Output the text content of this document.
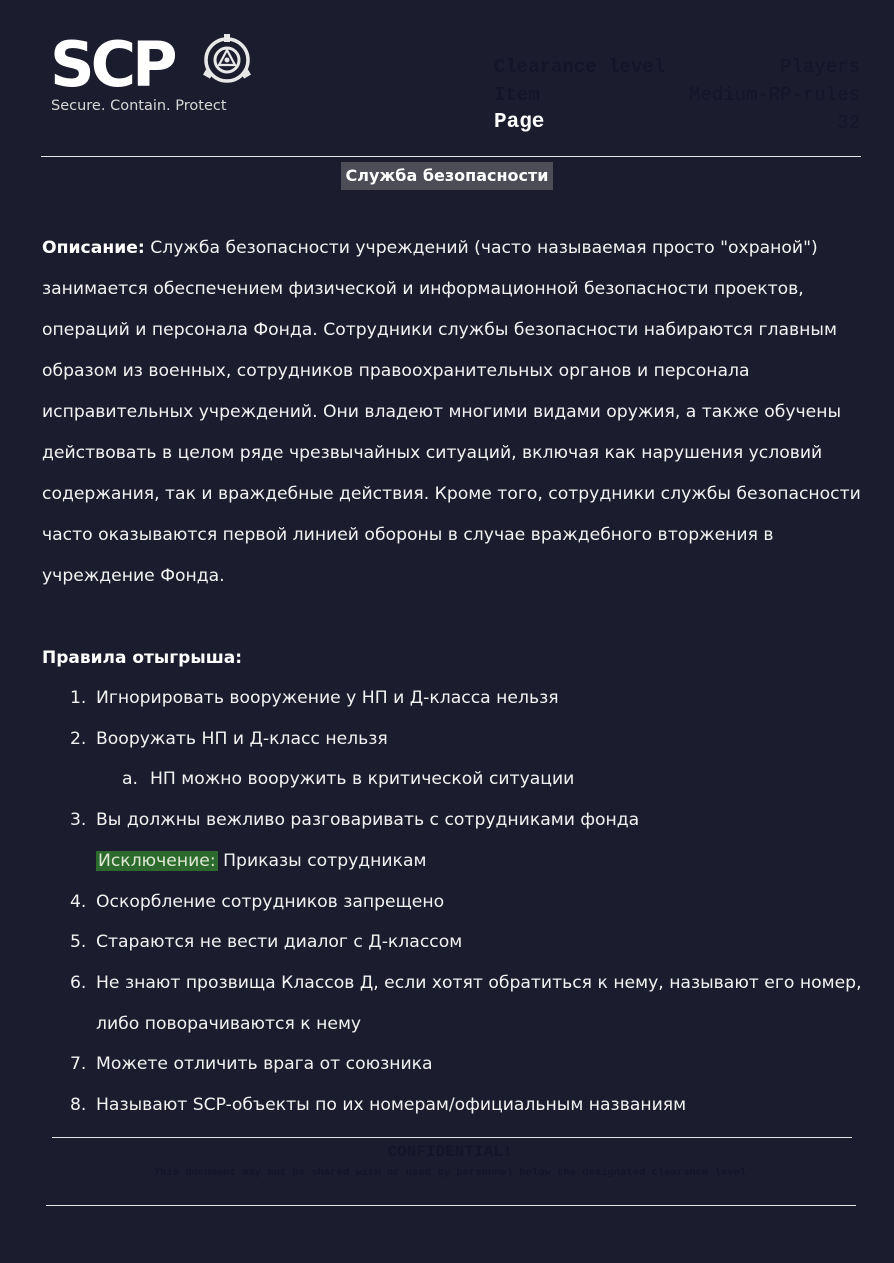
SCP
Secure. Contain. Protect
Clearance level	Players
Item	Medium-RP-rules
Page	32
Служба безопасности

Описание: Служба безопасности учреждений (часто называемая просто "охраной") занимается обеспечением физической и информационной безопасности проектов, операций и персонала Фонда. Сотрудники службы безопасности набираются главным образом из военных, сотрудников правоохранительных органов и персонала исправительных учреждений. Они владеют многими видами оружия, а также обучены действовать в целом ряде чрезвычайных ситуаций, включая как нарушения условий содержания, так и враждебные действия. Кроме того, сотрудники службы безопасности часто оказываются первой линией обороны в случае враждебного вторжения в учреждение Фонда.

Правила отыгрыша:
1. Игнорировать вооружение у НП и Д-класса нельзя
2. Вооружать НП и Д-класс нельзя
a. НП можно вооружить в критической ситуации
3. Вы должны вежливо разговаривать с сотрудниками фонда
Исключение: Приказы сотрудникам
4. Оскорбление сотрудников запрещено
5. Стараются не вести диалог с Д-классом
6. Не знают прозвища Классов Д, если хотят обратиться к нему, называют его номер, либо поворачиваются к нему
7. Можете отличить врага от союзника
8. Называют SCP-объекты по их номерам/официальным названиям
CONFIDENTIAL!
This document may not be shared with or used by personnel below the designated clearance level
